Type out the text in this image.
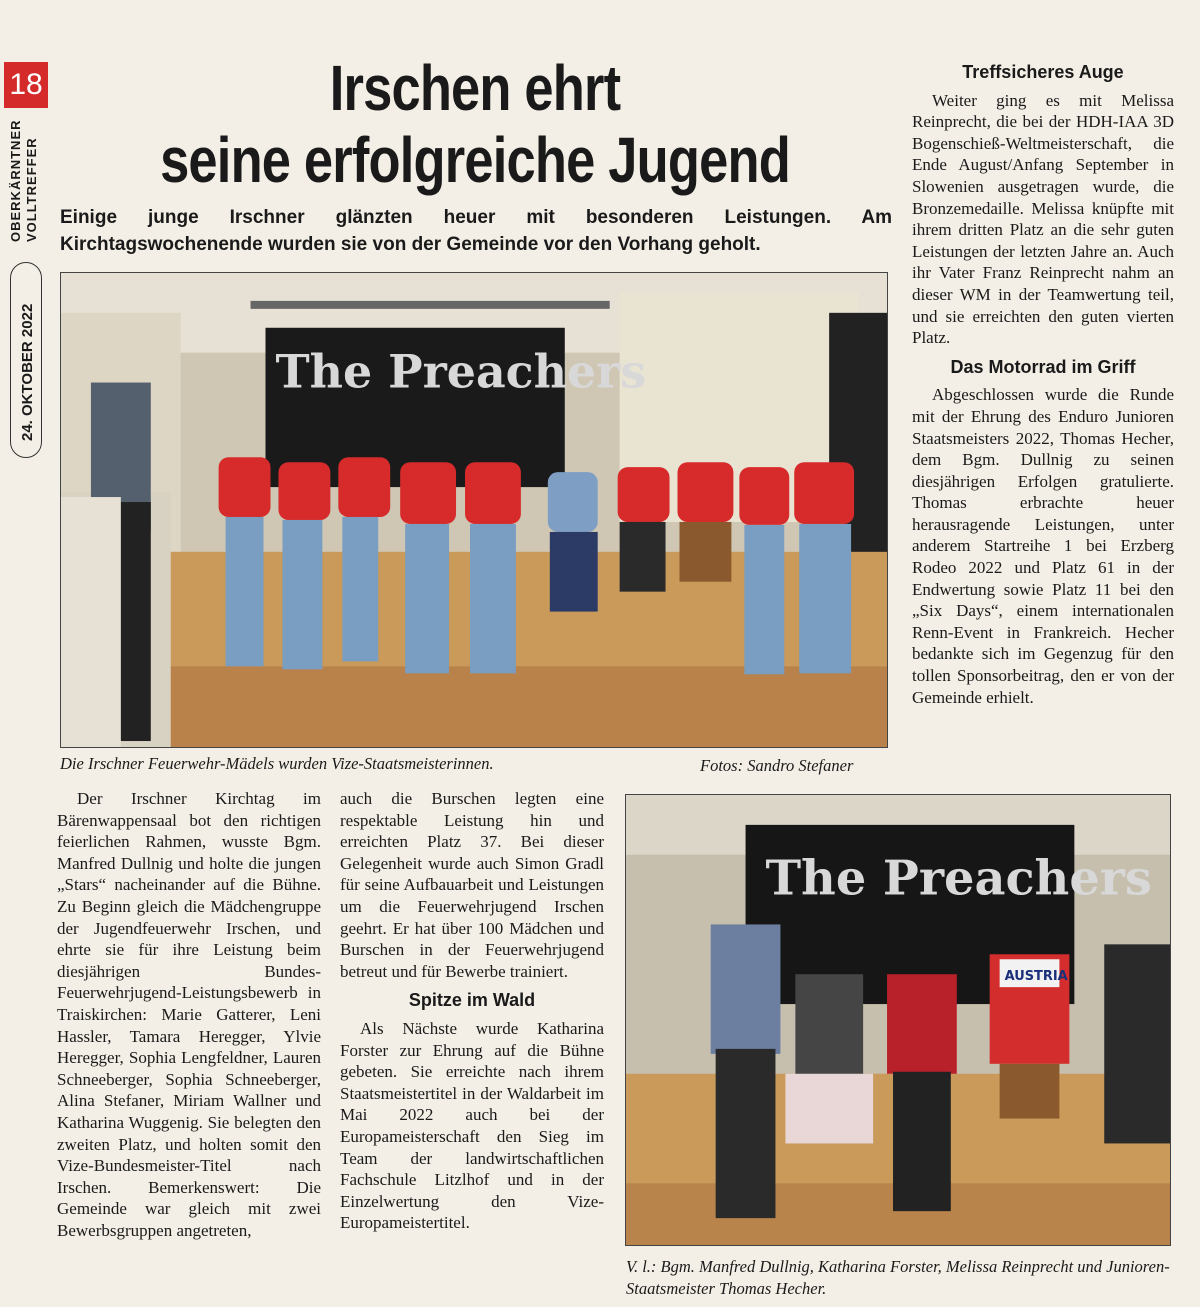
18
OBERKÄRNTNER VOLLTREFFER
24. OKTOBER 2022
Irschen ehrt
seine erfolgreiche Jugend

Einige junge Irschner glänzten heuer mit besonderen Leistungen. Am Kirchtagswochenende wurden sie von der Gemeinde vor den Vorhang geholt.

The Preachers
Die Irschner Feuerwehr-Mädels wurden Vize-Staatsmeisterinnen.	Fotos: Sandro Stefaner
The Preachers
AUSTRIA
V. l.: Bgm. Manfred Dullnig, Katharina Forster, Melissa Reinprecht und Junioren-Staatsmeister Thomas Hecher.

Der Irschner Kirchtag im Bärenwappensaal bot den richtigen feierlichen Rahmen, wusste Bgm. Manfred Dullnig und holte die jungen „Stars“ nacheinander auf die Bühne. Zu Beginn gleich die Mädchengruppe der Jugendfeuerwehr Irschen, und ehrte sie für ihre Leistung beim diesjährigen Bundes-Feuerwehrjugend-Leistungsbewerb in Traiskirchen: Marie Gatterer, Leni Hassler, Tamara Heregger, Ylvie Heregger, Sophia Lengfeldner, Lauren Schneeberger, Sophia Schneeberger, Alina Stefaner, Miriam Wallner und Katharina Wuggenig. Sie belegten den zweiten Platz, und holten somit den Vize-Bundesmeister-Titel nach Irschen. Bemerkenswert: Die Gemeinde war gleich mit zwei Bewerbsgruppen angetreten,

auch die Burschen legten eine respektable Leistung hin und erreichten Platz 37. Bei dieser Gelegenheit wurde auch Simon Gradl für seine Aufbauarbeit und Leistungen um die Feuerwehrjugend Irschen geehrt. Er hat über 100 Mädchen und Burschen in der Feuerwehrjugend betreut und für Bewerbe trainiert.

Spitze im Wald

Als Nächste wurde Katharina Forster zur Ehrung auf die Bühne gebeten. Sie erreichte nach ihrem Staatsmeistertitel in der Waldarbeit im Mai 2022 auch bei der Europameisterschaft den Sieg im Team der landwirtschaftlichen Fachschule Litzlhof und in der Einzelwertung den Vize-Europameistertitel.

Treffsicheres Auge

Weiter ging es mit Melissa Reinprecht, die bei der HDH-IAA 3D Bogenschieß-Weltmeisterschaft, die Ende August/Anfang September in Slowenien ausgetragen wurde, die Bronzemedaille. Melissa knüpfte mit ihrem dritten Platz an die sehr guten Leistungen der letzten Jahre an. Auch ihr Vater Franz Reinprecht nahm an dieser WM in der Teamwertung teil, und sie erreichten den guten vierten Platz.

Das Motorrad im Griff

Abgeschlossen wurde die Runde mit der Ehrung des Enduro Junioren Staatsmeisters 2022, Thomas Hecher, dem Bgm. Dullnig zu seinen diesjährigen Erfolgen gratulierte. Thomas erbrachte heuer herausragende Leistungen, unter anderem Startreihe 1 bei Erzberg Rodeo 2022 und Platz 61 in der Endwertung sowie Platz 11 bei den „Six Days“, einem internationalen Renn-Event in Frankreich. Hecher bedankte sich im Gegenzug für den tollen Sponsorbeitrag, den er von der Gemeinde erhielt.
